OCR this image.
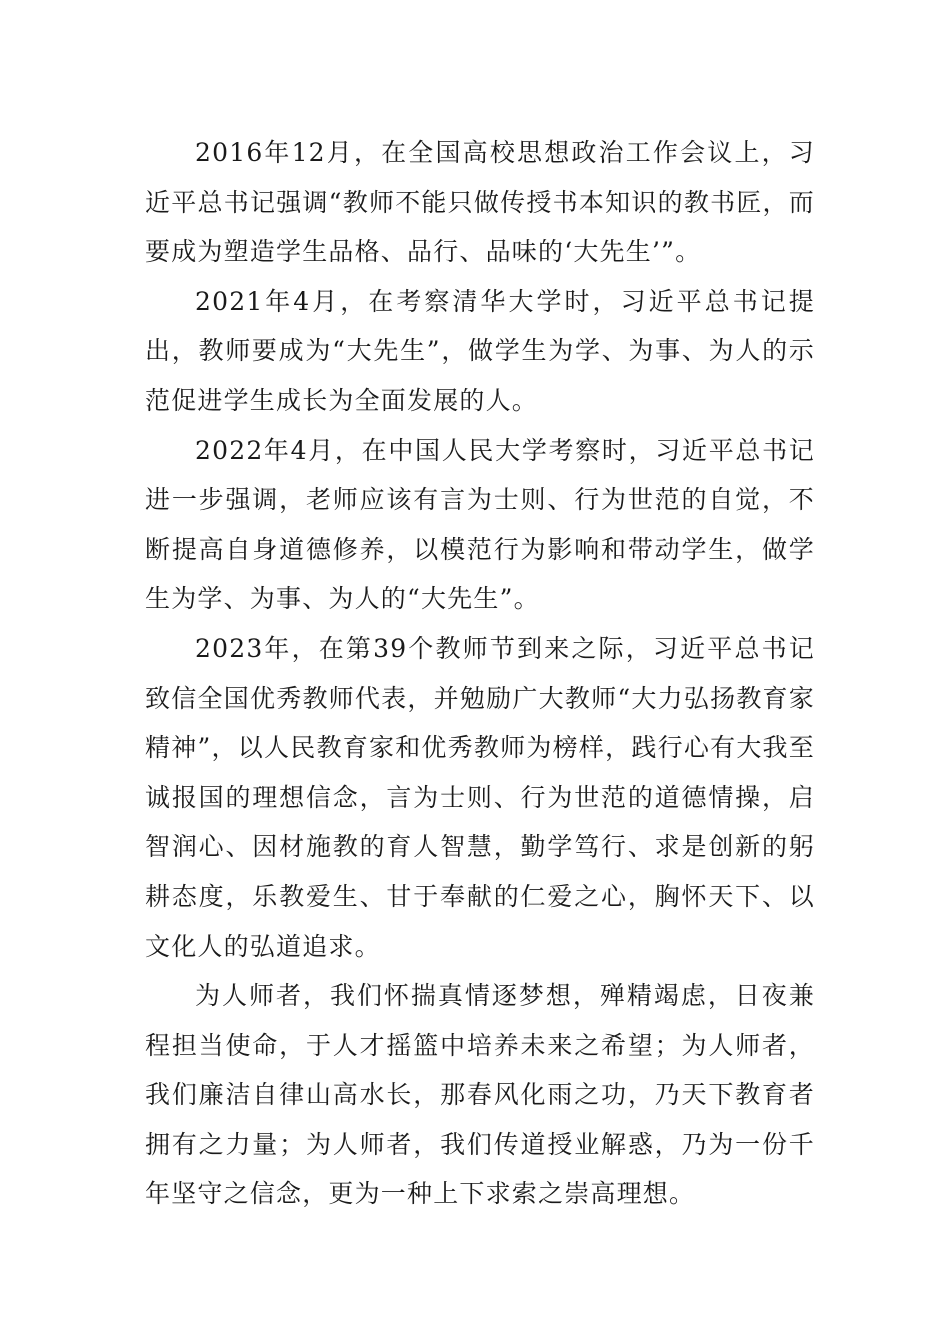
2016年12月，在全国高校思想政治工作会议上，习近平总书记强调“教师不能只做传授书本知识的教书匠，而要成为塑造学生品格、品行、品味的‘大先生’”。

2021年4月，在考察清华大学时，习近平总书记提出，教师要成为“大先生”，做学生为学、为事、为人的示范促进学生成长为全面发展的人。

2022年4月，在中国人民大学考察时，习近平总书记进一步强调，老师应该有言为士则、行为世范的自觉，不断提高自身道德修养，以模范行为影响和带动学生，做学生为学、为事、为人的“大先生”。

2023年，在第39个教师节到来之际，习近平总书记致信全国优秀教师代表，并勉励广大教师“大力弘扬教育家精神”，以人民教育家和优秀教师为榜样，践行心有大我至诚报国的理想信念，言为士则、行为世范的道德情操，启智润心、因材施教的育人智慧，勤学笃行、求是创新的躬耕态度，乐教爱生、甘于奉献的仁爱之心，胸怀天下、以文化人的弘道追求。

为人师者，我们怀揣真情逐梦想，殚精竭虑，日夜兼程担当使命，于人才摇篮中培养未来之希望；为人师者，我们廉洁自律山高水长，那春风化雨之功，乃天下教育者拥有之力量；为人师者，我们传道授业解惑，乃为一份千年坚守之信念，更为一种上下求索之崇高理想。
